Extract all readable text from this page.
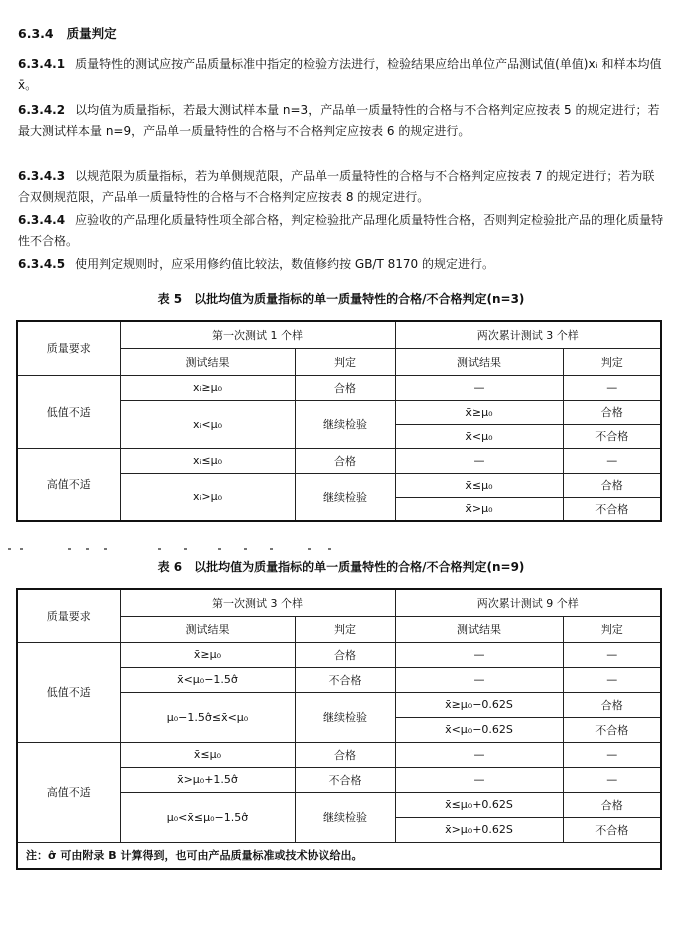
6.3.4 质量判定
6.3.4.1 质量特性的测试应按产品质量标准中指定的检验方法进行，检验结果应给出单位产品测试值(单值)xᵢ 和样本均值 x̄。
6.3.4.2 以均值为质量指标，若最大测试样本量 n=3，产品单一质量特性的合格与不合格判定应按表 5 的规定进行；若最大测试样本量 n=9，产品单一质量特性的合格与不合格判定应按表 6 的规定进行。
6.3.4.3 以规范限为质量指标，若为单侧规范限，产品单一质量特性的合格与不合格判定应按表 7 的规定进行；若为联合双侧规范限，产品单一质量特性的合格与不合格判定应按表 8 的规定进行。
6.3.4.4 应验收的产品理化质量特性项全部合格，判定检验批产品理化质量特性合格，否则判定检验批产品的理化质量特性不合格。
6.3.4.5 使用判定规则时，应采用修约值比较法，数值修约按 GB/T 8170 的规定进行。
表 5　以批均值为质量指标的单一质量特性的合格/不合格判定(n=3)
质量要求	第一次测试 1 个样		两次累计测试 3 个样	
	测试结果	判定	测试结果	判定
低值不适	xᵢ≥μ₀	合格	—	—
	xᵢ<μ₀	继续检验	x̄≥μ₀	合格
			x̄<μ₀	不合格
高值不适	xᵢ≤μ₀	合格	—	—
	xᵢ>μ₀	继续检验	x̄≤μ₀	合格
			x̄>μ₀	不合格
表 6　以批均值为质量指标的单一质量特性的合格/不合格判定(n=9)
质量要求	第一次测试 3 个样		两次累计测试 9 个样	
	测试结果	判定	测试结果	判定
低值不适	x̄≥μ₀	合格	—	—
	x̄<μ₀−1.5σ̂	不合格	—	—
	μ₀−1.5σ̂≤x̄<μ₀	继续检验	x̄≥μ₀−0.62S	合格
			x̄<μ₀−0.62S	不合格
高值不适	x̄≤μ₀	合格	—	—
	x̄>μ₀+1.5σ̂	不合格	—	—
	μ₀<x̄≤μ₀−1.5σ̂	继续检验	x̄≤μ₀+0.62S	合格
			x̄>μ₀+0.62S	不合格
注：σ̂ 可由附录 B 计算得到，也可由产品质量标准或技术协议给出。				
